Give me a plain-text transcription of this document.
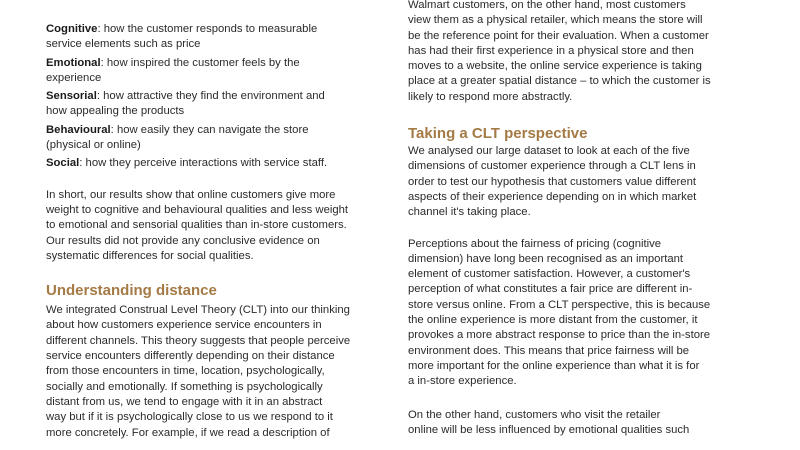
Cognitive: how the customer responds to measurable

service elements such as price

Emotional: how inspired the customer feels by the

experience

Sensorial: how attractive they find the environment and

how appealing the products

Behavioural: how easily they can navigate the store

(physical or online)

Social: how they perceive interactions with service staff.

In short, our results show that online customers give more

weight to cognitive and behavioural qualities and less weight

to emotional and sensorial qualities than in-store customers.

Our results did not provide any conclusive evidence on

systematic differences for social qualities.

Understanding distance

We integrated Construal Level Theory (CLT) into our thinking

about how customers experience service encounters in

different channels. This theory suggests that people perceive

service encounters differently depending on their distance

from those encounters in time, location, psychologically,

socially and emotionally. If something is psychologically

distant from us, we tend to engage with it in an abstract

way but if it is psychologically close to us we respond to it

more concretely. For example, if we read a description of

Walmart customers, on the other hand, most customers

view them as a physical retailer, which means the store will

be the reference point for their evaluation. When a customer

has had their first experience in a physical store and then

moves to a website, the online service experience is taking

place at a greater spatial distance – to which the customer is

likely to respond more abstractly.

Taking a CLT perspective

We analysed our large dataset to look at each of the five

dimensions of customer experience through a CLT lens in

order to test our hypothesis that customers value different

aspects of their experience depending on in which market

channel it's taking place.

Perceptions about the fairness of pricing (cognitive

dimension) have long been recognised as an important

element of customer satisfaction. However, a customer's

perception of what constitutes a fair price are different in-

store versus online. From a CLT perspective, this is because

the online experience is more distant from the customer, it

provokes a more abstract response to price than the in-store

environment does. This means that price fairness will be

more important for the online experience than what it is for

a in-store experience.

On the other hand, customers who visit the retailer

online will be less influenced by emotional qualities such
